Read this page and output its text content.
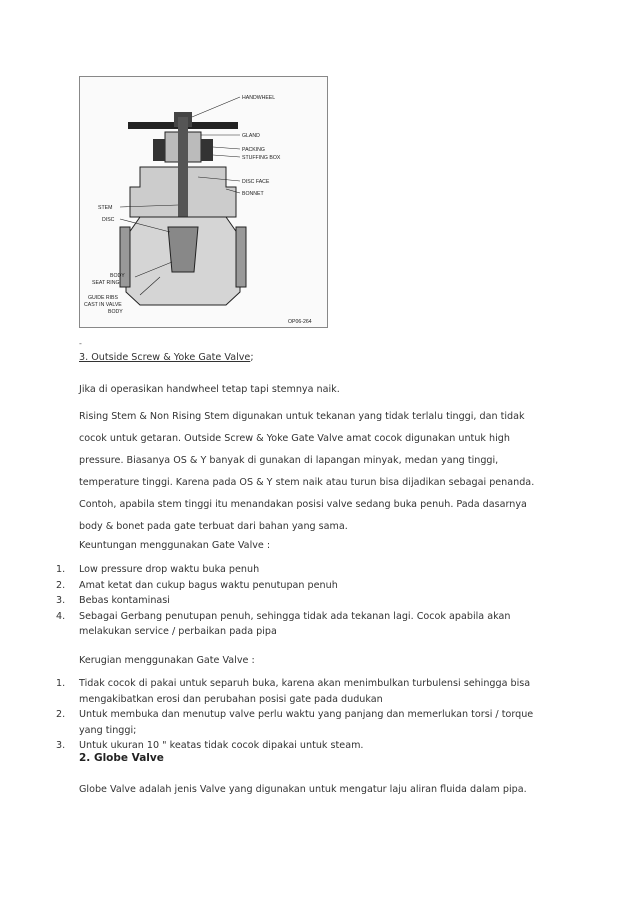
HANDWHEEL
GLAND
PACKING
STUFFING BOX
DISC FACE
BONNET
STEM
DISC
BODY
SEAT RING
GUIDE RIBS
CAST IN VALVE
BODY
OP06-264
-
3. Outside Screw & Yoke Gate Valve;
Jika di operasikan handwheel tetap tapi stemnya naik.
Rising Stem & Non Rising Stem digunakan untuk tekanan yang tidak terlalu tinggi, dan tidak cocok untuk getaran. Outside Screw & Yoke Gate Valve amat cocok digunakan untuk high pressure. Biasanya OS & Y banyak di gunakan di lapangan minyak, medan yang tinggi, temperature tinggi. Karena pada OS & Y stem naik atau turun bisa dijadikan sebagai penanda. Contoh, apabila stem tinggi itu menandakan posisi valve sedang buka penuh. Pada dasarnya body & bonet pada gate terbuat dari bahan yang sama.
Keuntungan menggunakan Gate Valve :
1. Low pressure drop waktu buka penuh
2. Amat ketat dan cukup bagus waktu penutupan penuh
3. Bebas kontaminasi
4. Sebagai Gerbang penutupan penuh, sehingga tidak ada tekanan lagi. Cocok apabila akan melakukan service / perbaikan pada pipa
Kerugian menggunakan Gate Valve :
1. Tidak cocok di pakai untuk separuh buka, karena akan menimbulkan turbulensi sehingga bisa mengakibatkan erosi dan perubahan posisi gate pada dudukan
2. Untuk membuka dan menutup valve perlu waktu yang panjang dan memerlukan torsi / torque yang tinggi;
3. Untuk ukuran 10 " keatas tidak cocok dipakai untuk steam.
2. Globe Valve
Globe Valve adalah jenis Valve yang digunakan untuk mengatur laju aliran fluida dalam pipa.
